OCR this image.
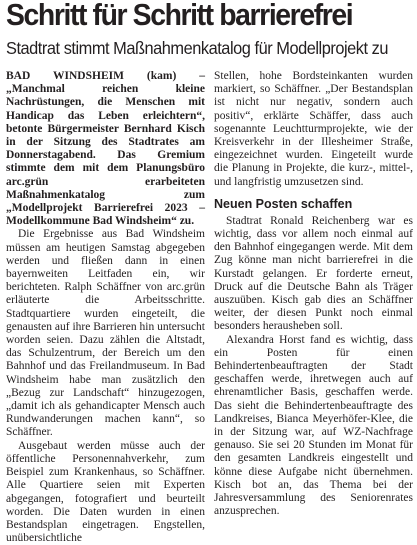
Schritt für Schritt barrierefrei
Stadtrat stimmt Maßnahmenkatalog für Modellprojekt zu

BAD WINDSHEIM (kam) – „Manchmal reichen kleine Nachrüstungen, die Menschen mit Handicap das Leben erleichtern“, betonte Bürgermeister Bernhard Kisch in der Sitzung des Stadtrates am Donnerstagabend. Das Gremium stimmte dem mit dem Planungsbüro arc.grün erarbeiteten Maßnahmenkatalog zum „Modellprojekt Barrierefrei 2023 – Modellkommune Bad Windsheim“ zu.

Die Ergebnisse aus Bad Windsheim müssen am heutigen Samstag abgegeben werden und fließen dann in einen bayernweiten Leitfaden ein, wir berichteten. Ralph Schäffner von arc.grün erläuterte die Arbeitsschritte. Stadtquartiere wurden eingeteilt, die genausten auf ihre Barrieren hin untersucht worden seien. Dazu zählen die Altstadt, das Schulzentrum, der Bereich um den Bahnhof und das Freilandmuseum. In Bad Windsheim habe man zusätzlich den „Bezug zur Landschaft“ hinzugezogen, „damit ich als gehandicapter Mensch auch Rundwanderungen machen kann“, so Schäffner.

Ausgebaut werden müsse auch der öffentliche Personennahverkehr, zum Beispiel zum Krankenhaus, so Schäffner. Alle Quartiere seien mit Experten abgegangen, fotografiert und beurteilt worden. Die Daten wurden in einen Bestandsplan eingetragen. Engstellen, unübersichtliche

Stellen, hohe Bordsteinkanten wurden markiert, so Schäffner. „Der Bestandsplan ist nicht nur negativ, sondern auch positiv“, erklärte Schäffer, dass auch sogenannte Leuchtturmprojekte, wie der Kreisverkehr in der Illesheimer Straße, eingezeichnet wurden. Eingeteilt wurde die Planung in Projekte, die kurz-, mittel-, und langfristig umzusetzen sind.

Neuen Posten schaffen

Stadtrat Ronald Reichenberg war es wichtig, dass vor allem noch einmal auf den Bahnhof eingegangen werde. Mit dem Zug könne man nicht barrierefrei in die Kurstadt gelangen. Er forderte erneut, Druck auf die Deutsche Bahn als Träger auszuüben. Kisch gab dies an Schäffner weiter, der diesen Punkt noch einmal besonders herausheben soll.

Alexandra Horst fand es wichtig, dass ein Posten für einen Behindertenbeauftragten der Stadt geschaffen werde, ihretwegen auch auf ehrenamtlicher Basis, geschaffen werde. Das sieht die Behindertenbeauftragte des Landkreises, Bianca Meyerhöfer-Klee, die in der Sitzung war, auf WZ-Nachfrage genauso. Sie sei 20 Stunden im Monat für den gesamten Landkreis eingestellt und könne diese Aufgabe nicht übernehmen. Kisch bot an, das Thema bei der Jahresversammlung des Seniorenrates anzusprechen.
